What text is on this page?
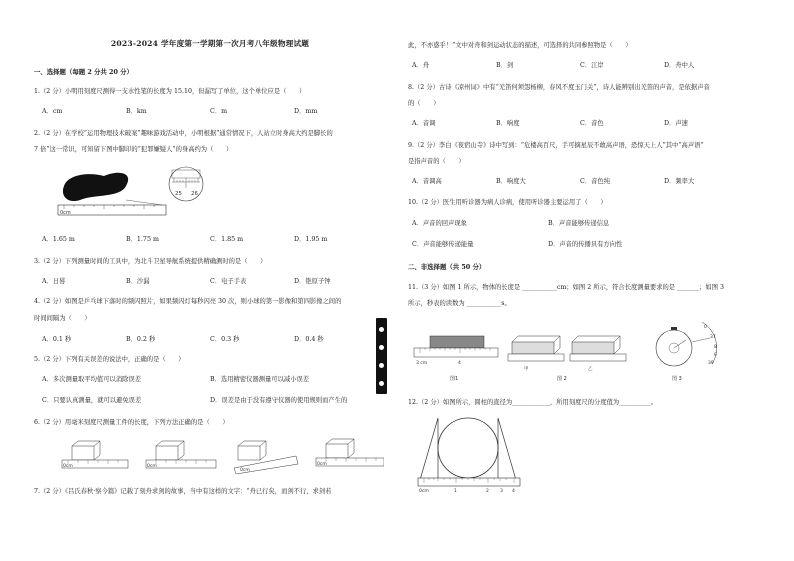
2023-2024 学年度第一学期第一次月考八年级物理试题
一、选择题（每题 2 分共 20 分）
1.（2 分）小明用刻度尺测得一支水性笔的长度为 15.10，但漏写了单位，这个单位应是（　　）
A．cm	B．km	C．m	D．mm
2.（2 分）在学校“运用物理技术破案”趣味游戏活动中，小明根据“通常情况下，人站立时身高大约是脚长的
7 倍”这一常识，可知留下图中脚印的“犯罪嫌疑人”的身高约为（　　）
0cm
25 26
A．1.65 m	B．1.75 m	C．1.85 m	D．1.95 m
3.（2 分）下列测量时间的工具中，为北斗卫星导航系统提供精确测时的是（　　）
A．日晷	B．沙漏	C．电子手表	D．铯原子钟
4.（2 分）如图是乒乓球下落时的频闪照片，如果频闪灯每秒闪亮 30 次，则小球的第一影像和第四影像之间的
时间间隔为（　　）
A．0.1 秒	B．0.2 秒	C．0.3 秒	D．0.4 秒
5.（2 分）下列有关误差的说法中，正确的是（　　）
A．多次测量取平均值可以消除误差	B．选用精密仪器测量可以减小误差
C．只要认真测量，就可以避免误差	D．误差是由于没有遵守仪器的使用规则而产生的
6.（2 分）用毫米刻度尺测量工件的长度，下列方法正确的是（　　）
0cm	0cm
0cm
0cm
7.（2 分）《吕氏春秋·察今篇》记载了刻舟求剑的故事，当中有这样的文字：“舟已行矣，而剑不行，求剑若
此，不亦惑乎！”文中对舟和剑运动状态的描述，可选择的共同参照物是（　　）
A．舟	B．剑	C．江岸	D．舟中人
8.（2 分）古诗《凉州词》中有“羌笛何须怨杨柳，春风不度玉门关”，诗人能辨别出羌笛的声音，是依据声音
的（　　）
A．音调	B．响度	C．音色	D．声速
9.（2 分）李白《夜宿山寺》诗中写到：“危楼高百尺，手可摘星辰不敢高声语，恐惊天上人”其中“高声语”
是指声音的（　　）
A．音调高	B．响度大	C．音色纯	D．频率大
10.（2 分）医生用听诊器为病人诊病，使用听诊器主要运用了（　　）
A．声音的回声现象	B．声音能够传递信息
C．声音能够传递能量	D．声音的传播具有方向性
二、非选择题（共 50 分）
11.（3 分）如图 1 所示，物体的长度是 ___________cm；如图 2 所示，符合长度测量要求的是 _______；如图 3
所示，秒表的读数为 ___________s。
3 cm	4
图1
甲	乙
图 2
0
37
8
9
39
图 3
12.（2 分）如图所示，圆柱的直径为____________，所用刻度尺的分度值为__________。
0cm	1	2 3 4
